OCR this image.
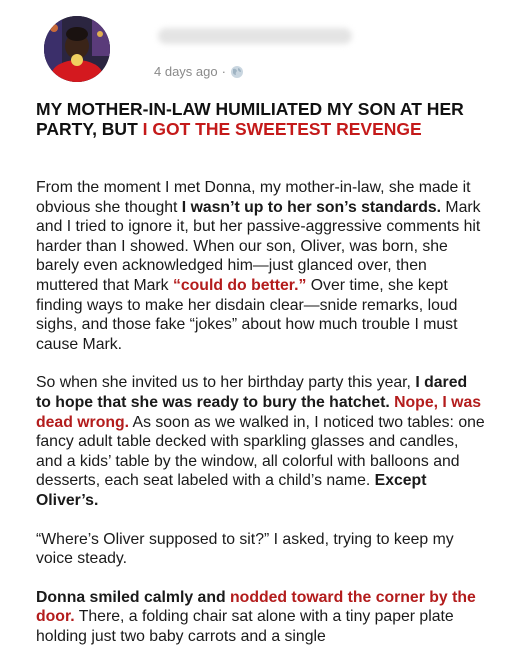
4 days ago ·
MY MOTHER-IN-LAW HUMILIATED MY SON AT HER PARTY, BUT I GOT THE SWEETEST REVENGE

From the moment I met Donna, my mother-in-law, she made it obvious she thought I wasn’t up to her son’s standards. Mark and I tried to ignore it, but her passive-aggressive comments hit harder than I showed. When our son, Oliver, was born, she barely even acknowledged him—just glanced over, then muttered that Mark “could do better.” Over time, she kept finding ways to make her disdain clear—snide remarks, loud sighs, and those fake “jokes” about how much trouble I must cause Mark.

So when she invited us to her birthday party this year, I dared to hope that she was ready to bury the hatchet. Nope, I was dead wrong. As soon as we walked in, I noticed two tables: one fancy adult table decked with sparkling glasses and candles, and a kids’ table by the window, all colorful with balloons and desserts, each seat labeled with a child’s name. Except Oliver’s.

“Where’s Oliver supposed to sit?” I asked, trying to keep my voice steady.

Donna smiled calmly and nodded toward the corner by the door. There, a folding chair sat alone with a tiny paper plate holding just two baby carrots and a single
